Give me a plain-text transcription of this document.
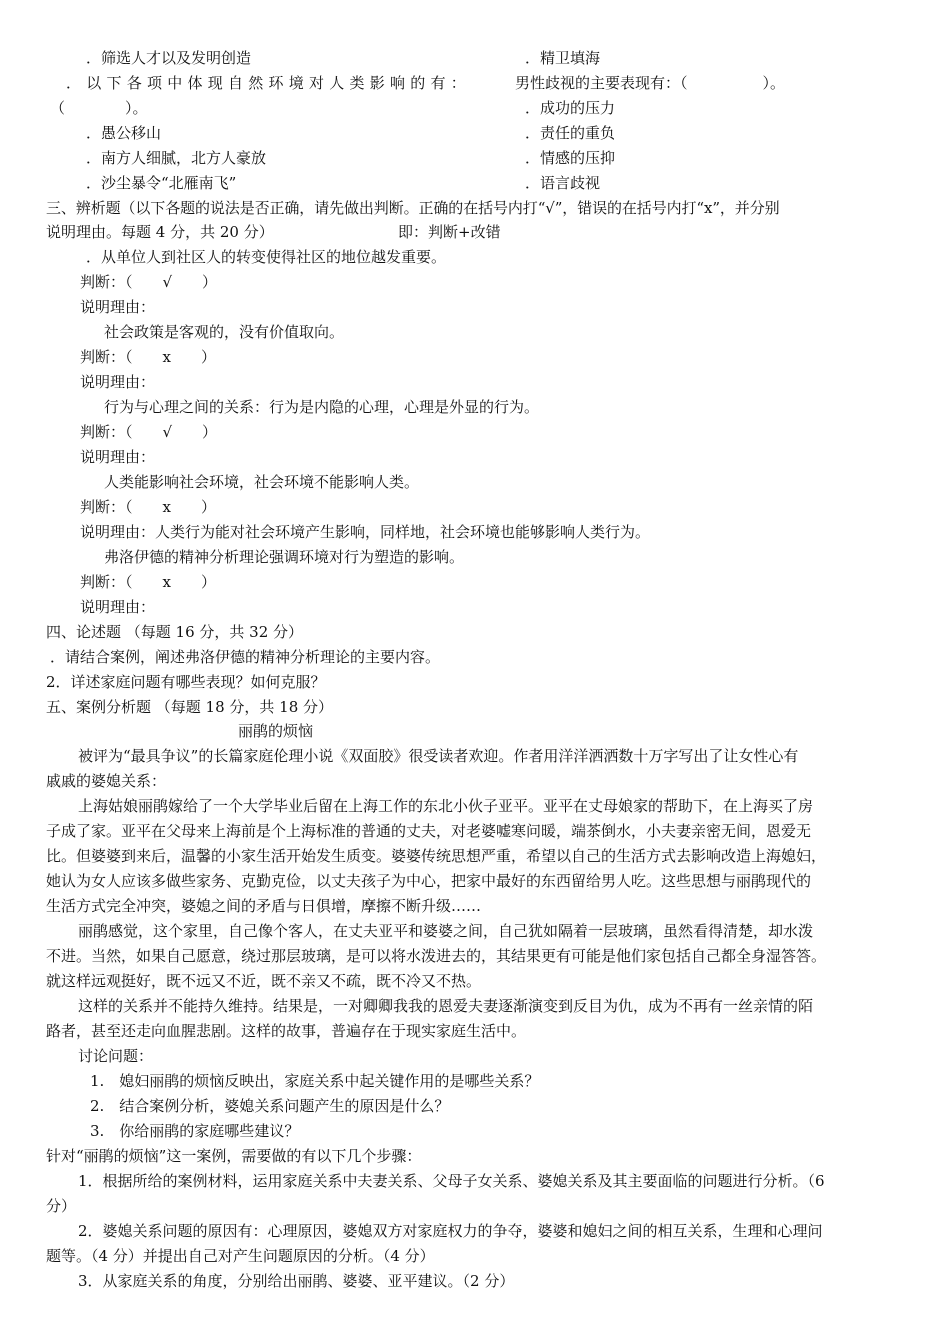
．筛选人才以及发明创造	．精卫填海
． 以 下 各 项 中 体 现 自 然 环 境 对 人 类 影 响 的 有 ：	男性歧视的主要表现有：（　　　　　）。
（　　　　）。	．成功的压力
．愚公移山	．责任的重负
．南方人细腻，北方人豪放	．情感的压抑
．沙尘暴令“北雁南飞”	．语言歧视
三、辨析题（以下各题的说法是否正确，请先做出判断。正确的在括号内打“√”，错误的在括号内打“x”，并分别
说明理由。每题 4 分，共 20 分）	即：判断+改错
．从单位人到社区人的转变使得社区的地位越发重要。
判断：（　　√　　）
说明理由：
社会政策是客观的，没有价值取向。
判断：（　　x　　）
说明理由：
行为与心理之间的关系：行为是内隐的心理，心理是外显的行为。
判断：（　　√　　）
说明理由：
人类能影响社会环境，社会环境不能影响人类。
判断：（　　x　　）
说明理由：人类行为能对社会环境产生影响，同样地，社会环境也能够影响人类行为。
弗洛伊德的精神分析理论强调环境对行为塑造的影响。
判断：（　　x　　）
说明理由：
四、论述题 （每题 16 分，共 32 分）
．请结合案例，阐述弗洛伊德的精神分析理论的主要内容。
2．详述家庭问题有哪些表现？如何克服？
五、案例分析题 （每题 18 分，共 18 分）
丽鹃的烦恼
被评为“最具争议”的长篇家庭伦理小说《双面胶》很受读者欢迎。作者用洋洋洒洒数十万字写出了让女性心有
戚戚的婆媳关系：
上海姑娘丽鹃嫁给了一个大学毕业后留在上海工作的东北小伙子亚平。亚平在丈母娘家的帮助下，在上海买了房
子成了家。亚平在父母来上海前是个上海标准的普通的丈夫，对老婆嘘寒问暖，端茶倒水，小夫妻亲密无间，恩爱无
比。但婆婆到来后，温馨的小家生活开始发生质变。婆婆传统思想严重，希望以自己的生活方式去影响改造上海媳妇，
她认为女人应该多做些家务、克勤克俭，以丈夫孩子为中心，把家中最好的东西留给男人吃。这些思想与丽鹃现代的
生活方式完全冲突，婆媳之间的矛盾与日俱增，摩擦不断升级……
丽鹃感觉，这个家里，自己像个客人，在丈夫亚平和婆婆之间，自己犹如隔着一层玻璃，虽然看得清楚，却水泼
不进。当然，如果自己愿意，绕过那层玻璃，是可以将水泼进去的，其结果更有可能是他们家包括自己都全身湿答答。
就这样远观挺好，既不远又不近，既不亲又不疏，既不冷又不热。
这样的关系并不能持久维持。结果是，一对卿卿我我的恩爱夫妻逐渐演变到反目为仇，成为不再有一丝亲情的陌
路者，甚至还走向血腥悲剧。这样的故事，普遍存在于现实家庭生活中。
讨论问题：
1.　媳妇丽鹃的烦恼反映出，家庭关系中起关键作用的是哪些关系？
2.　结合案例分析，婆媳关系问题产生的原因是什么？
3.　你给丽鹃的家庭哪些建议？
针对“丽鹃的烦恼”这一案例，需要做的有以下几个步骤：
1．根据所给的案例材料，运用家庭关系中夫妻关系、父母子女关系、婆媳关系及其主要面临的问题进行分析。（6
分）
2．婆媳关系问题的原因有：心理原因，婆媳双方对家庭权力的争夺，婆婆和媳妇之间的相互关系，生理和心理问
题等。（4 分）并提出自己对产生问题原因的分析。（4 分）
3．从家庭关系的角度，分别给出丽鹃、婆婆、亚平建议。（2 分）
